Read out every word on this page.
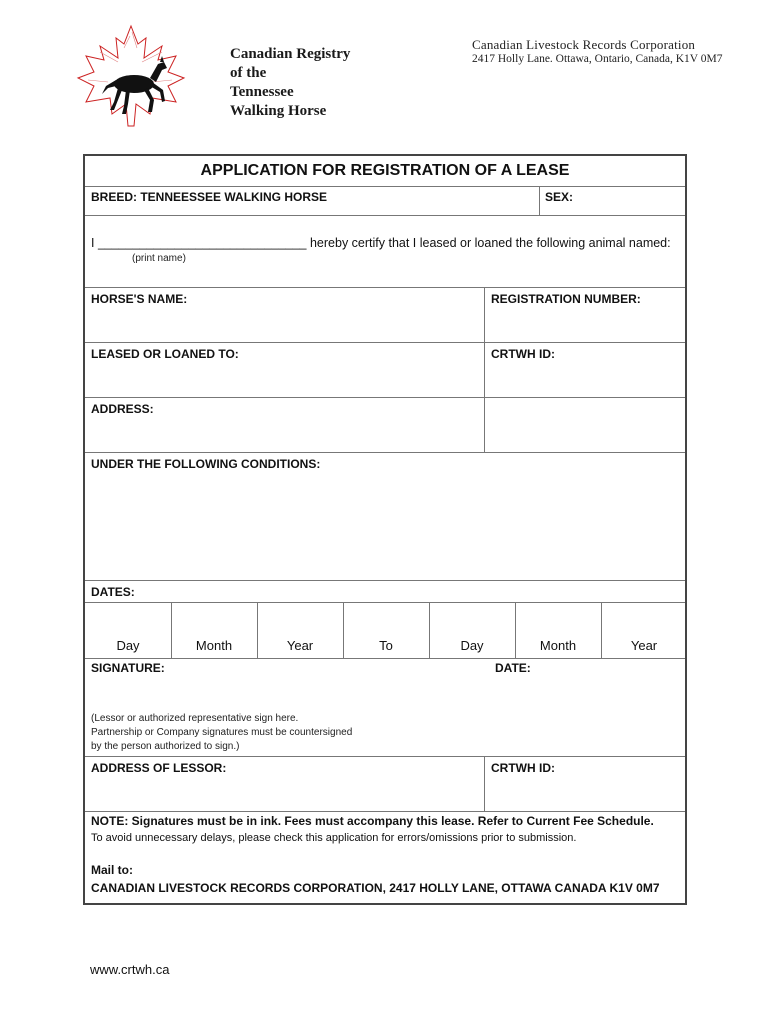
Canadian Registry
of the
Tennessee
Walking Horse
Canadian Livestock Records Corporation
2417 Holly Lane. Ottawa, Ontario, Canada, K1V 0M7
APPLICATION FOR REGISTRATION OF A LEASE
BREED: TENNEESSEE WALKING HORSE	SEX:
I ______________________________ hereby certify that I leased or loaned the following animal named:
(print name)
HORSE'S NAME:	REGISTRATION NUMBER:
LEASED OR LOANED TO:	CRTWH ID:
ADDRESS:
UNDER THE FOLLOWING CONDITIONS:
DATES:
Day	Month	Year	To	Day	Month	Year
SIGNATURE:	DATE:
(Lessor or authorized representative sign here.
Partnership or Company signatures must be countersigned
by the person authorized to sign.)
ADDRESS OF LESSOR:	CRTWH ID:
NOTE: Signatures must be in ink. Fees must accompany this lease. Refer to Current Fee Schedule.
To avoid unnecessary delays, please check this application for errors/omissions prior to submission.
Mail to:
CANADIAN LIVESTOCK RECORDS CORPORATION, 2417 HOLLY LANE, OTTAWA CANADA K1V 0M7
www.crtwh.ca
